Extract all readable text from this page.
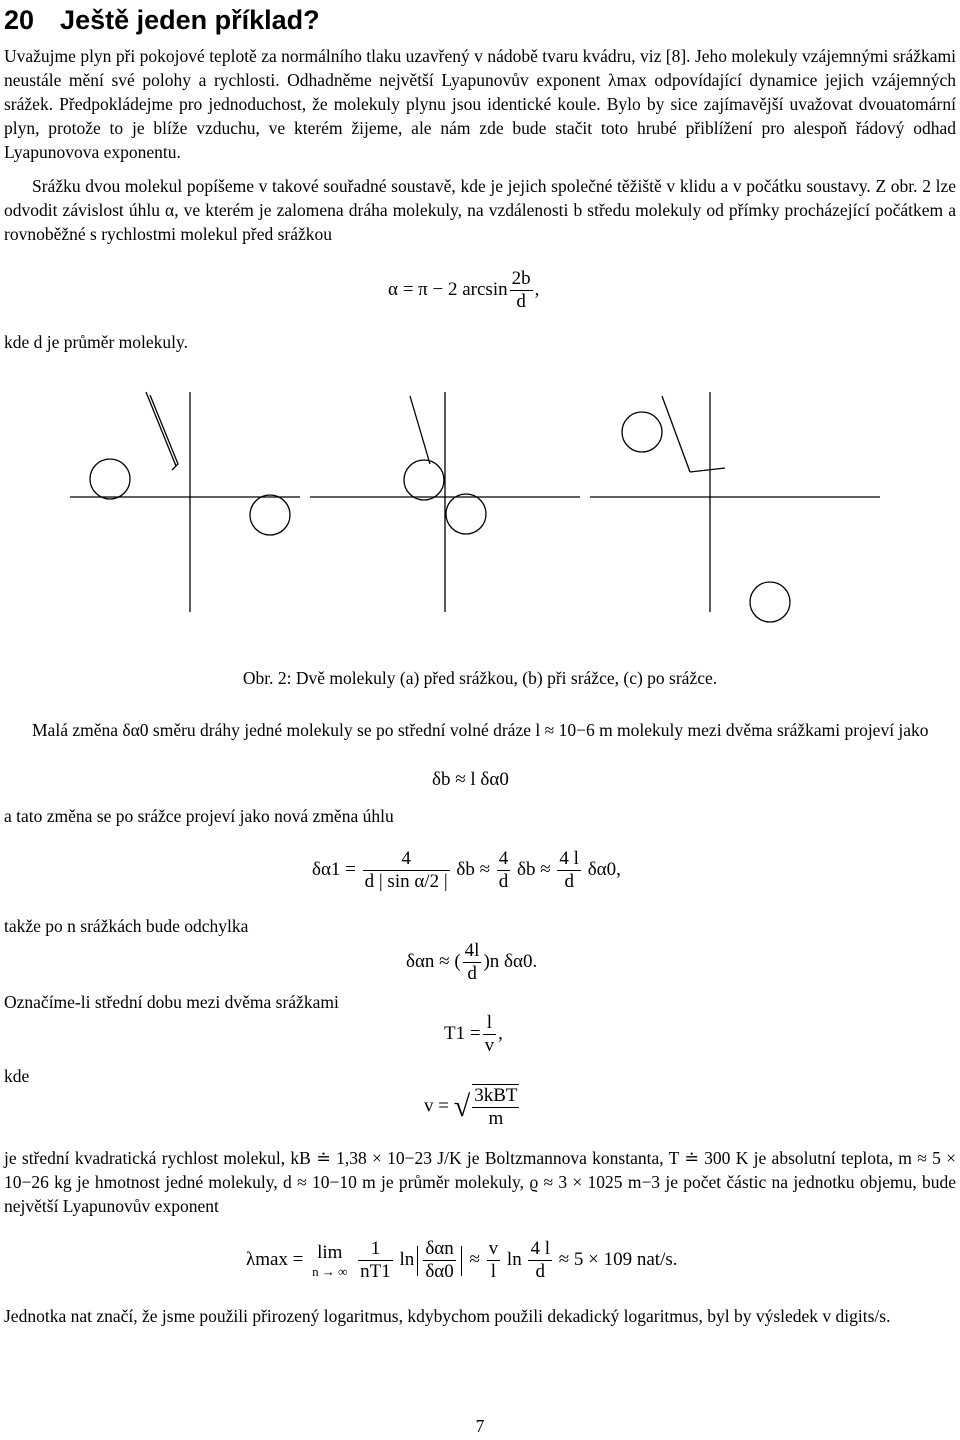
20 Ještě jeden příklad?
Uvažujme plyn při pokojové teplotě za normálního tlaku uzavřený v nádobě tvaru kvádru, viz [8]. Jeho molekuly vzájemnými srážkami neustále mění své polohy a rychlosti. Odhadněme největší Lyapunovův exponent λmax odpovídající dynamice jejich vzájemných srážek. Předpokládejme pro jednoduchost, že molekuly plynu jsou identické koule. Bylo by sice zajímavější uvažovat dvouatomární plyn, protože to je blíže vzduchu, ve kterém žijeme, ale nám zde bude stačit toto hrubé přiblížení pro alespoň řádový odhad Lyapunovova exponentu.
Srážku dvou molekul popíšeme v takové souřadné soustavě, kde je jejich společné těžiště v klidu a v počátku soustavy. Z obr. 2 lze odvodit závislost úhlu α, ve kterém je zalomena dráha molekuly, na vzdálenosti b středu molekuly od přímky procházející počátkem a rovnoběžné s rychlostmi molekul před srážkou
α = π − 2 $\arcsin \frac{2b}{d}$ ,
kde d je průměr molekuly.
Obr. 2: Dvě molekuly (a) před srážkou, (b) při srážce, (c) po srážce.
Malá změna δα0 směru dráhy jedné molekuly se po střední volné dráze l ≈ 10−6 m molekuly mezi dvěma srážkami projeví jako
δb ≈ l δα0
a tato změna se po srážce projeví jako nová změna úhlu
$\delta\alpha 1 = \frac{4}{\text{d | sin α/2 |}}$ $\delta b \approx \frac{4}{d}$ $\delta b \approx \frac{4 l}{d} \delta\alpha 0$,
takže po n srážkách bude odchylka
δαn ≈ ( $\frac{4l}{d} )n$ δα0.
Označíme-li střední dobu mezi dvěma srážkami
$T1 = \frac{l}{v}$ ,
kde
v = √ $\frac{\text{3kBT}}{m}$
je střední kvadratická rychlost molekul, kB ≐ 1,38 × 10−23 J/K je Boltzmannova konstanta, T ≐ 300 K je absolutní teplota, m ≈ 5 × 10−26 kg je hmotnost jedné molekuly, d ≈ 10−10 m je průměr molekuly, ϱ ≈ 3 × 1025 m−3 je počet částic na jednotku objemu, bude největší Lyapunovův exponent
λmax = lim
n → ∞
$\frac{1}{nT1}$ $\ln \frac{\text{δαn}}{\delta\alpha 0} \approx \frac{v}{l}$ $\ln \frac{4 l}{d} \approx 5 \times 109$ nat/s.
Jednotka nat značí, že jsme použili přirozený logaritmus, kdybychom použili dekadický logaritmus, byl by výsledek v digits/s.
7
